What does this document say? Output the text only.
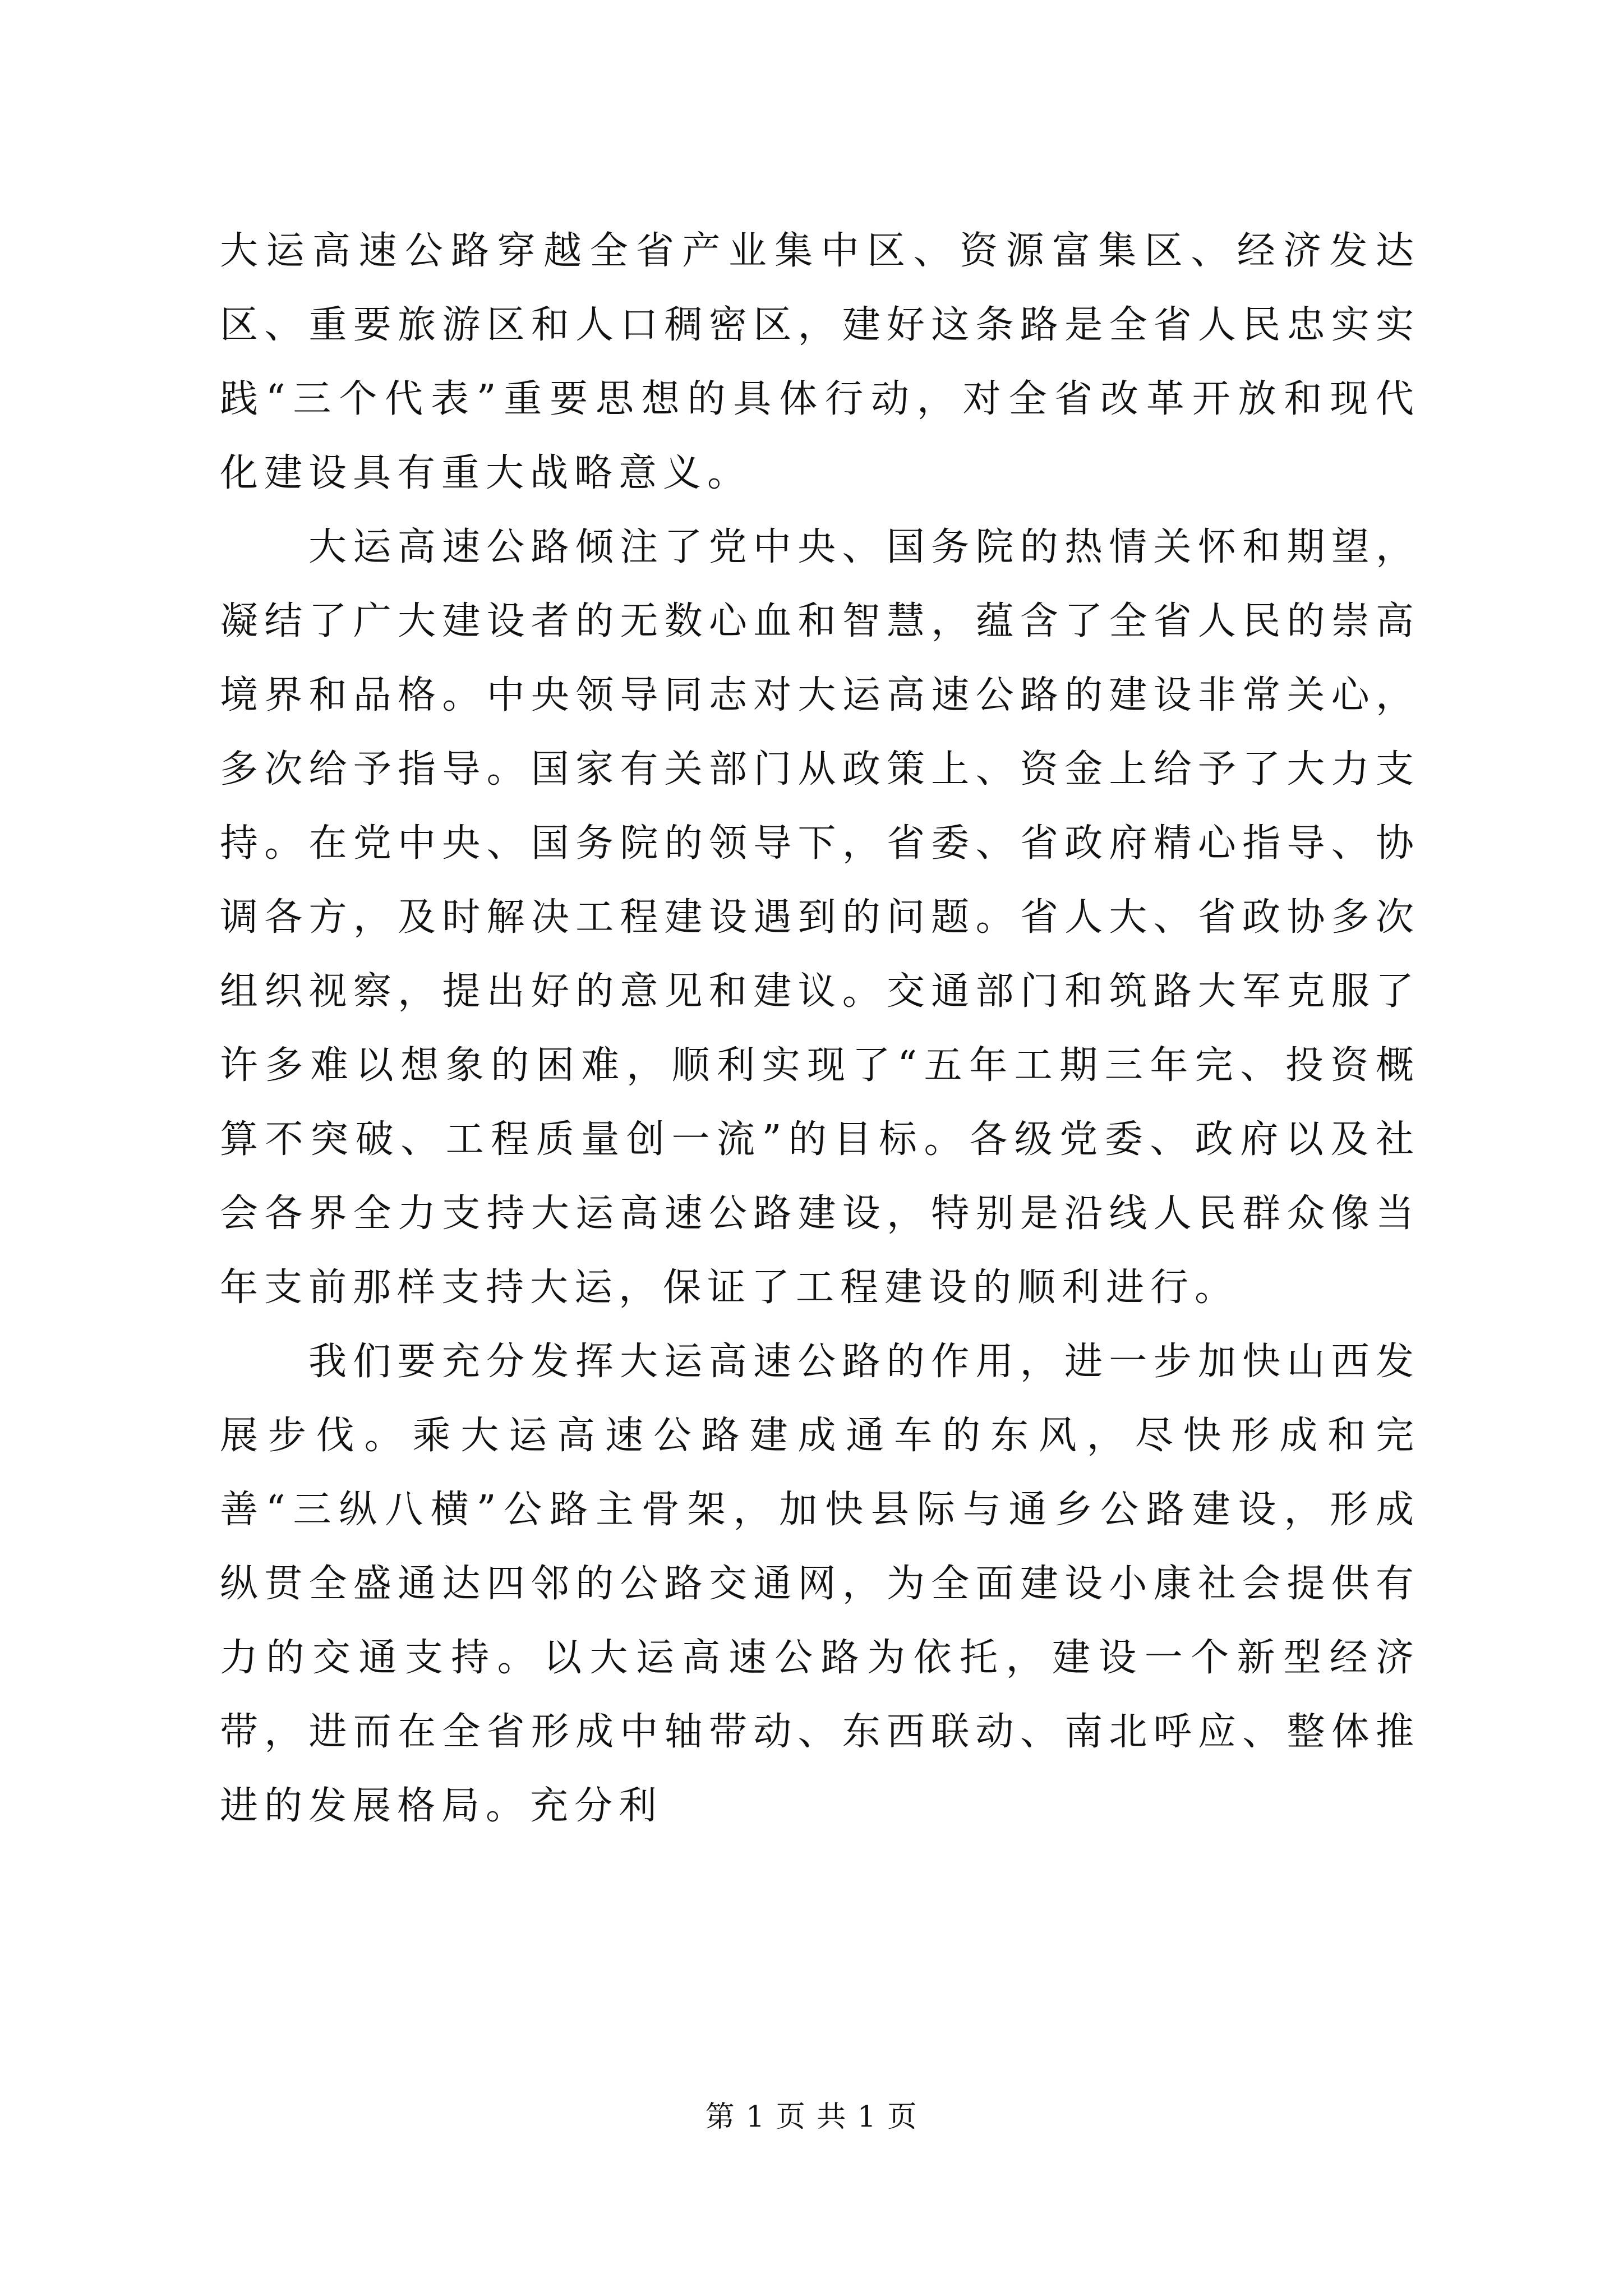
大运高速公路穿越全省产业集中区、资源富集区、经济发达区、重要旅游区和人口稠密区，建好这条路是全省人民忠实实践“三个代表”重要思想的具体行动，对全省改革开放和现代化建设具有重大战略意义。

大运高速公路倾注了党中央、国务院的热情关怀和期望，凝结了广大建设者的无数心血和智慧，蕴含了全省人民的崇高境界和品格。中央领导同志对大运高速公路的建设非常关心，多次给予指导。国家有关部门从政策上、资金上给予了大力支持。在党中央、国务院的领导下，省委、省政府精心指导、协调各方，及时解决工程建设遇到的问题。省人大、省政协多次组织视察，提出好的意见和建议。交通部门和筑路大军克服了许多难以想象的困难，顺利实现了“五年工期三年完、投资概算不突破、工程质量创一流”的目标。各级党委、政府以及社会各界全力支持大运高速公路建设，特别是沿线人民群众像当年支前那样支持大运，保证了工程建设的顺利进行。

我们要充分发挥大运高速公路的作用，进一步加快山西发展步伐。乘大运高速公路建成通车的东风，尽快形成和完善“三纵八横”公路主骨架，加快县际与通乡公路建设，形成纵贯全盛通达四邻的公路交通网，为全面建设小康社会提供有力的交通支持。以大运高速公路为依托，建设一个新型经济带，进而在全省形成中轴带动、东西联动、南北呼应、整体推进的发展格局。充分利

第 1 页 共 1 页
